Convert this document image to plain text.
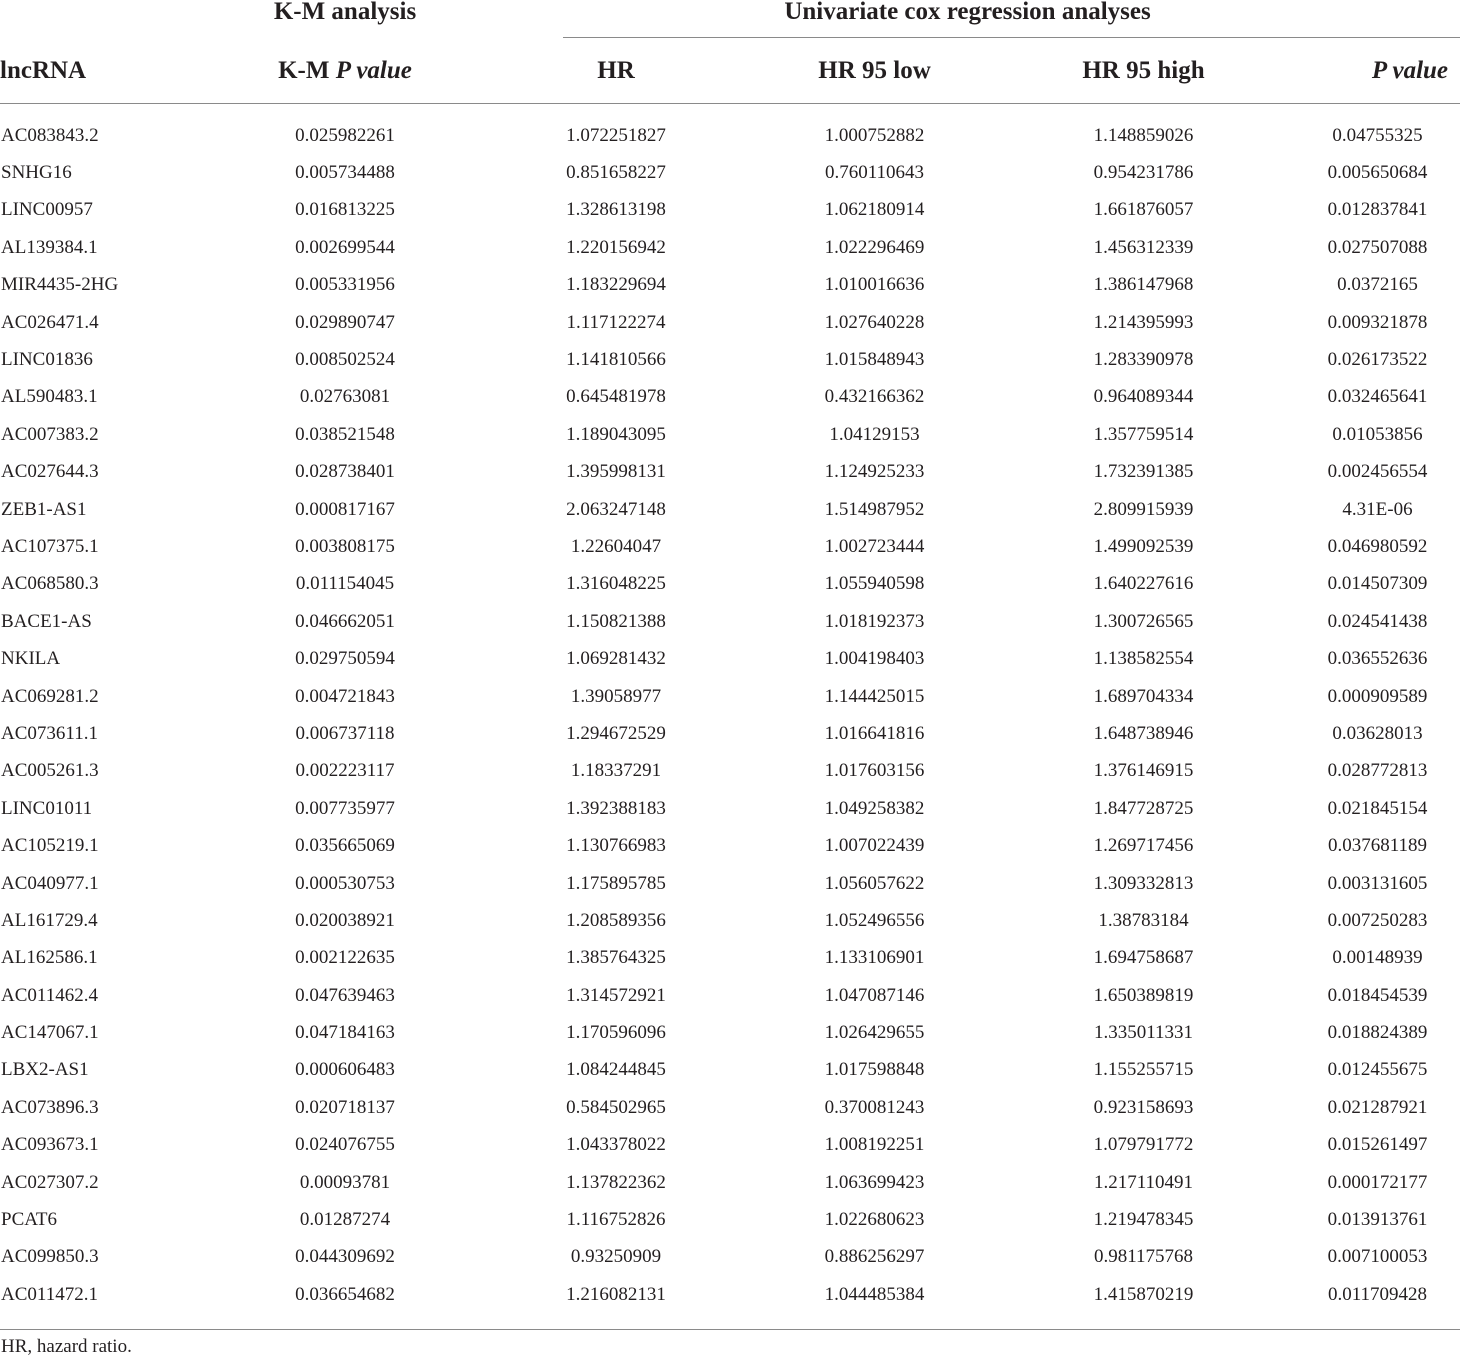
	K-M analysis	Univariate cox regression analyses			

lncRNA	K-M P value	HR	HR 95 low	HR 95 high	P value

AC083843.2	0.025982261	1.072251827	1.000752882	1.148859026	0.04755325
SNHG16	0.005734488	0.851658227	0.760110643	0.954231786	0.005650684
LINC00957	0.016813225	1.328613198	1.062180914	1.661876057	0.012837841
AL139384.1	0.002699544	1.220156942	1.022296469	1.456312339	0.027507088
MIR4435-2HG	0.005331956	1.183229694	1.010016636	1.386147968	0.0372165
AC026471.4	0.029890747	1.117122274	1.027640228	1.214395993	0.009321878
LINC01836	0.008502524	1.141810566	1.015848943	1.283390978	0.026173522
AL590483.1	0.02763081	0.645481978	0.432166362	0.964089344	0.032465641
AC007383.2	0.038521548	1.189043095	1.04129153	1.357759514	0.01053856
AC027644.3	0.028738401	1.395998131	1.124925233	1.732391385	0.002456554
ZEB1-AS1	0.000817167	2.063247148	1.514987952	2.809915939	4.31E-06
AC107375.1	0.003808175	1.22604047	1.002723444	1.499092539	0.046980592
AC068580.3	0.011154045	1.316048225	1.055940598	1.640227616	0.014507309
BACE1-AS	0.046662051	1.150821388	1.018192373	1.300726565	0.024541438
NKILA	0.029750594	1.069281432	1.004198403	1.138582554	0.036552636
AC069281.2	0.004721843	1.39058977	1.144425015	1.689704334	0.000909589
AC073611.1	0.006737118	1.294672529	1.016641816	1.648738946	0.03628013
AC005261.3	0.002223117	1.18337291	1.017603156	1.376146915	0.028772813
LINC01011	0.007735977	1.392388183	1.049258382	1.847728725	0.021845154
AC105219.1	0.035665069	1.130766983	1.007022439	1.269717456	0.037681189
AC040977.1	0.000530753	1.175895785	1.056057622	1.309332813	0.003131605
AL161729.4	0.020038921	1.208589356	1.052496556	1.38783184	0.007250283
AL162586.1	0.002122635	1.385764325	1.133106901	1.694758687	0.00148939
AC011462.4	0.047639463	1.314572921	1.047087146	1.650389819	0.018454539
AC147067.1	0.047184163	1.170596096	1.026429655	1.335011331	0.018824389
LBX2-AS1	0.000606483	1.084244845	1.017598848	1.155255715	0.012455675
AC073896.3	0.020718137	0.584502965	0.370081243	0.923158693	0.021287921
AC093673.1	0.024076755	1.043378022	1.008192251	1.079791772	0.015261497
AC027307.2	0.00093781	1.137822362	1.063699423	1.217110491	0.000172177
PCAT6	0.01287274	1.116752826	1.022680623	1.219478345	0.013913761
AC099850.3	0.044309692	0.93250909	0.886256297	0.981175768	0.007100053
AC011472.1	0.036654682	1.216082131	1.044485384	1.415870219	0.011709428

HR, hazard ratio.
